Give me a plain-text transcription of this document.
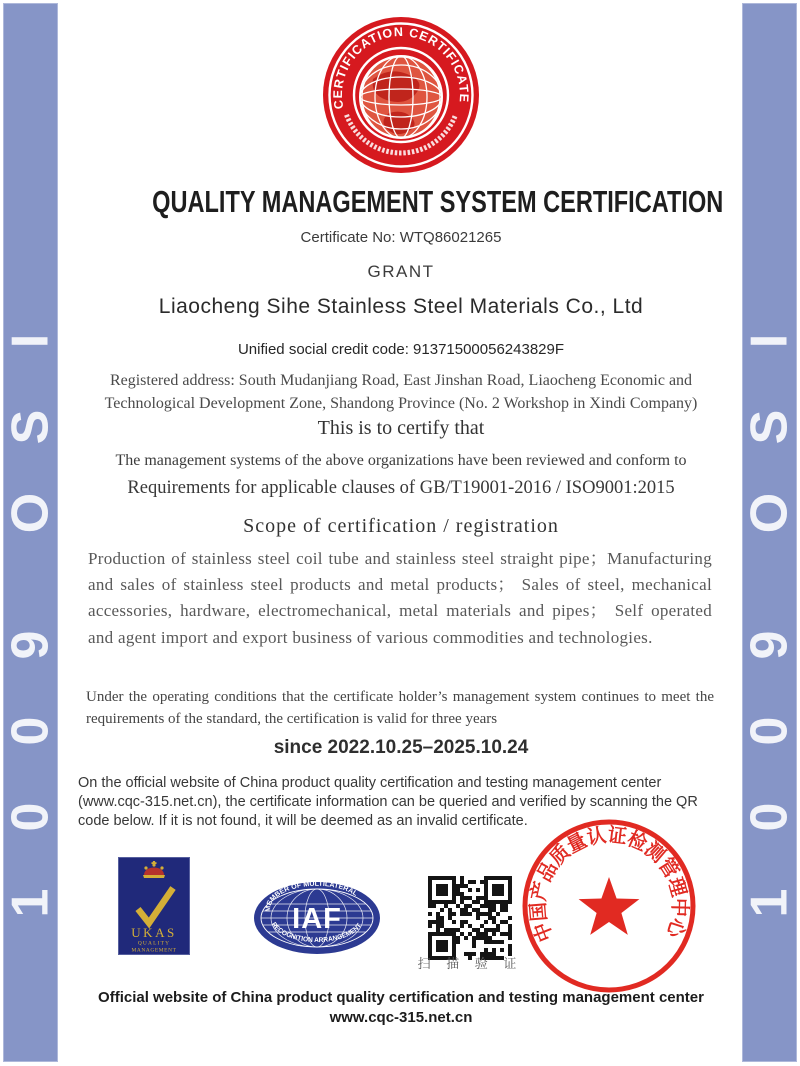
I
S
O
9
0
0
1
I
S
O
9
0
0
1
CERTIFICATION CERTIFICATE
QUALITY MANAGEMENT SYSTEM CERTIFICATION
Certificate No: WTQ86021265
GRANT
Liaocheng Sihe Stainless Steel Materials Co., Ltd
Unified social credit code: 91371500056243829F
Registered address: South Mudanjiang Road, East Jinshan Road, Liaocheng Economic and Technological Development Zone, Shandong Province (No. 2 Workshop in Xindi Company)
This is to certify that
The management systems of the above organizations have been reviewed and conform to
Requirements for applicable clauses of GB/T19001-2016 / ISO9001:2015
Scope of certification / registration
Production of stainless steel coil tube and stainless steel straight pipe；Manufacturing and sales of stainless steel products and metal products； Sales of steel, mechanical accessories, hardware, electromechanical, metal materials and pipes； Self operated and agent import and export business of various commodities and technologies.
Under the operating conditions that the certificate holder’s management system continues to meet the requirements of the standard, the certification is valid for three years
since 2022.10.25–2025.10.24
On the official website of China product quality certification and testing management center (www.cqc-315.net.cn), the certificate information can be queried and verified by scanning the QR code below. If it is not found, it will be deemed as an invalid certificate.
UKAS
QUALITY
MANAGEMENT
MEMBER OF MULTILATERAL
RECOGNITION ARRANGEMENT
IAF
扫 描 验 证
中国产品质量认证检测管理中心
Official website of China product quality certification and testing management center
www.cqc-315.net.cn
